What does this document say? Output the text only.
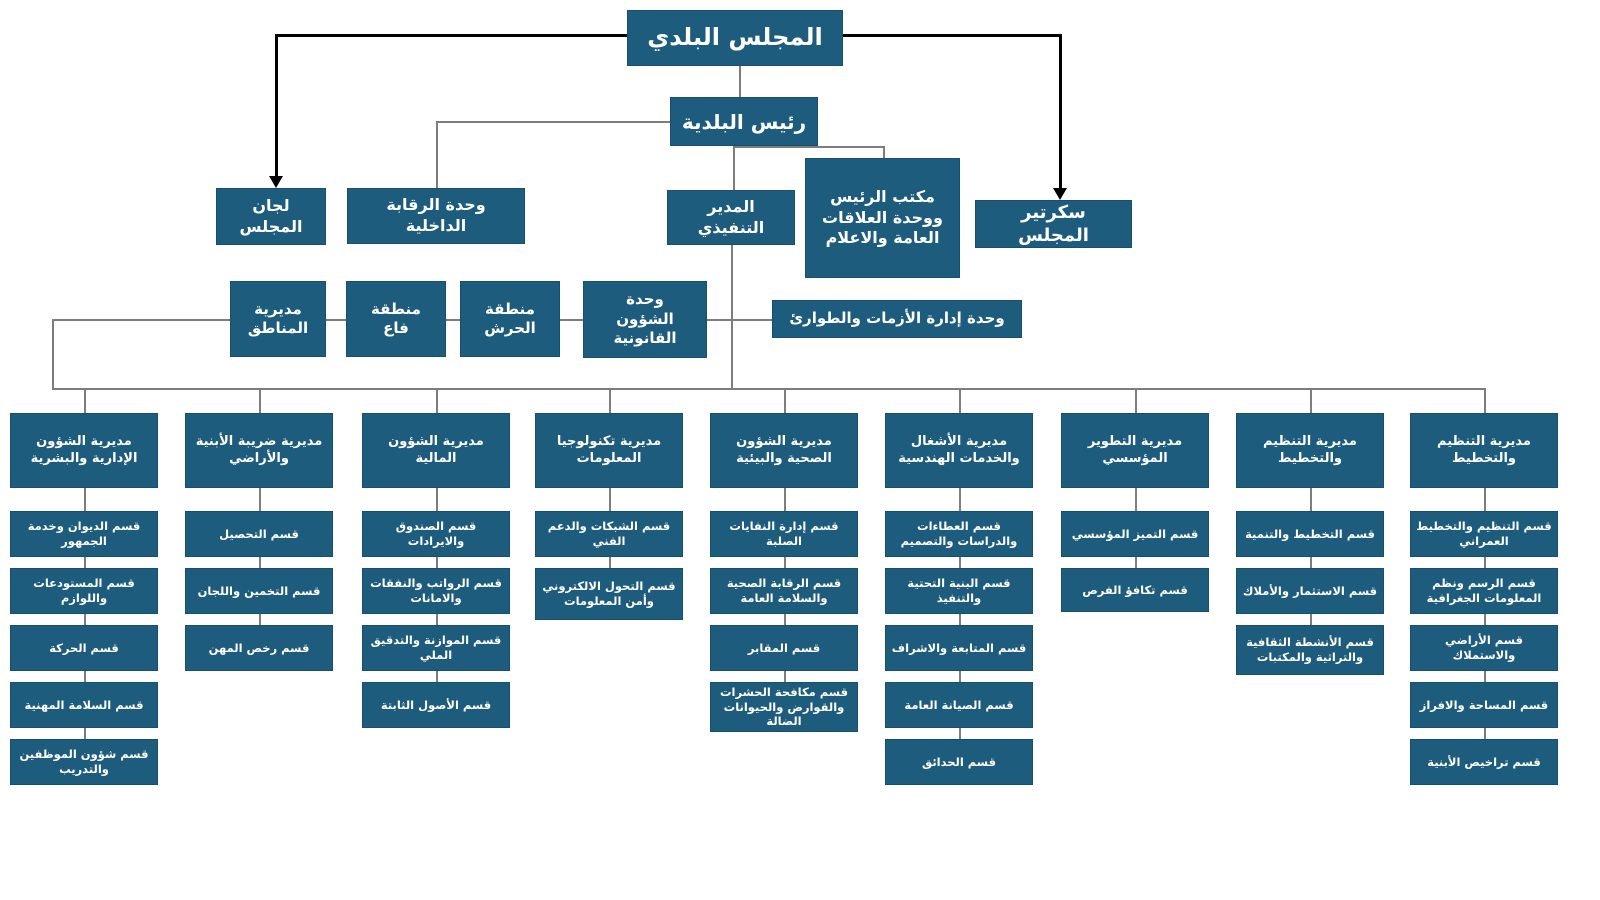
المجلس البلدي
رئيس البلدية
لجان المجلس
وحدة الرقابة الداخلية
المدير التنفيذي
مكتب الرئيس ووحدة العلاقات العامة والاعلام
سكرتير المجلس
مديرية المناطق
منطقة فاع
منطقة الحرش
وحدة الشؤون القانونية
وحدة إدارة الأزمات والطوارئ
مديرية الشؤون الإدارية والبشرية
مديرية ضريبة الأبنية والأراضي
مديرية الشؤون المالية
مديرية تكنولوجيا المعلومات
مديرية الشؤون الصحية والبيئية
مديرية الأشغال والخدمات الهندسية
مديرية التطوير المؤسسي
مديرية التنظيم والتخطيط
مديرية التنظيم والتخطيط
قسم الديوان وخدمة الجمهور
قسم المستودعات واللوازم
قسم الحركة
قسم السلامة المهنية
قسم شؤون الموظفين والتدريب
قسم التحصيل
قسم التخمين واللجان
قسم رخص المهن
قسم الصندوق والايرادات
قسم الرواتب والنفقات والامانات
قسم الموازنة والتدقيق الملي
قسم الأصول الثابتة
قسم الشبكات والدعم الفني
قسم التحول الالكتروني وأمن المعلومات
قسم إدارة النفايات الصلبة
قسم الرقابة الصحية والسلامة العامة
قسم المقابر
قسم مكافحة الحشرات والقوارض والحيوانات الضالة
قسم العطاءات والدراسات والتصميم
قسم البنية التحتية والتنفيذ
قسم المتابعة والاشراف
قسم الصيانة العامة
قسم الحدائق
قسم التميز المؤسسي
قسم تكافؤ الفرص
قسم التخطيط والتنمية
قسم الاستثمار والأملاك
قسم الأنشطة الثقافية والتراثية والمكتبات
قسم التنظيم والتخطيط العمراني
قسم الرسم ونظم المعلومات الجغرافية
قسم الأراضي والاستملاك
قسم المساحة والافراز
قسم تراخيص الأبنية
